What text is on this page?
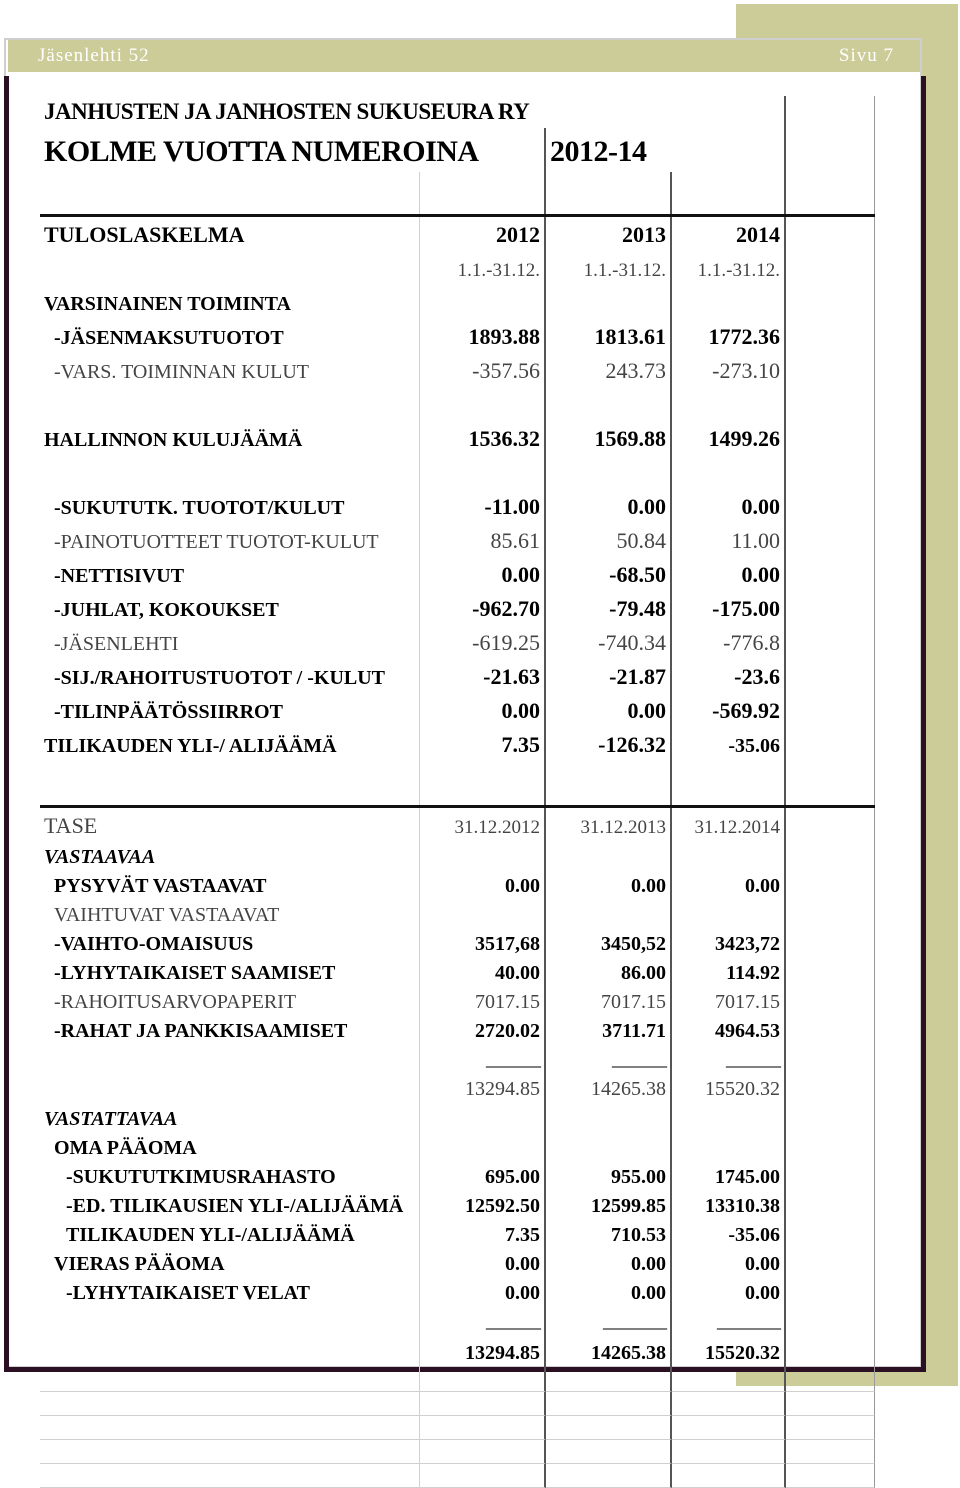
Jäsenlehti 52	Sivu 7
JANHUSTEN JA JANHOSTEN SUKUSEURA RY
KOLME VUOTTA NUMEROINA	2012-14
TULOSLASKELMA	2012	2013	2014
1.1.-31.12.	1.1.-31.12.	1.1.-31.12.
VARSINAINEN TOIMINTA
-JÄSENMAKSUTUOTOT	1893.88	1813.61	1772.36
-VARS. TOIMINNAN KULUT	-357.56	243.73	-273.10
HALLINNON KULUJÄÄMÄ	1536.32	1569.88	1499.26
-SUKUTUTK. TUOTOT/KULUT	-11.00	0.00	0.00
-PAINOTUOTTEET TUOTOT-KULUT	85.61	50.84	11.00
-NETTISIVUT	0.00	-68.50	0.00
-JUHLAT, KOKOUKSET	-962.70	-79.48	-175.00
-JÄSENLEHTI	-619.25	-740.34	-776.8
-SIJ./RAHOITUSTUOTOT / -KULUT	-21.63	-21.87	-23.6
-TILINPÄÄTÖSSIIRROT	0.00	0.00	-569.92
TILIKAUDEN YLI-/ ALIJÄÄMÄ	7.35	-126.32	-35.06
TASE	31.12.2012	31.12.2013	31.12.2014
VASTAAVAA
PYSYVÄT VASTAAVAT	0.00	0.00	0.00
VAIHTUVAT VASTAAVAT
-VAIHTO-OMAISUUS	3517,68	3450,52	3423,72
-LYHYTAIKAISET SAAMISET	40.00	86.00	114.92
-RAHOITUSARVOPAPERIT	7017.15	7017.15	7017.15
-RAHAT JA PANKKISAAMISET	2720.02	3711.71	4964.53
______	______	______
13294.85	14265.38	15520.32
VASTATTAVAA
OMA PÄÄOMA
-SUKUTUTKIMUSRAHASTO	695.00	955.00	1745.00
-ED. TILIKAUSIEN YLI-/ALIJÄÄMÄ	12592.50	12599.85	13310.38
TILIKAUDEN YLI-/ALIJÄÄMÄ	7.35	710.53	-35.06
VIERAS PÄÄOMA	0.00	0.00	0.00
-LYHYTAIKAISET VELAT	0.00	0.00	0.00
______	_______	_______
13294.85	14265.38	15520.32
